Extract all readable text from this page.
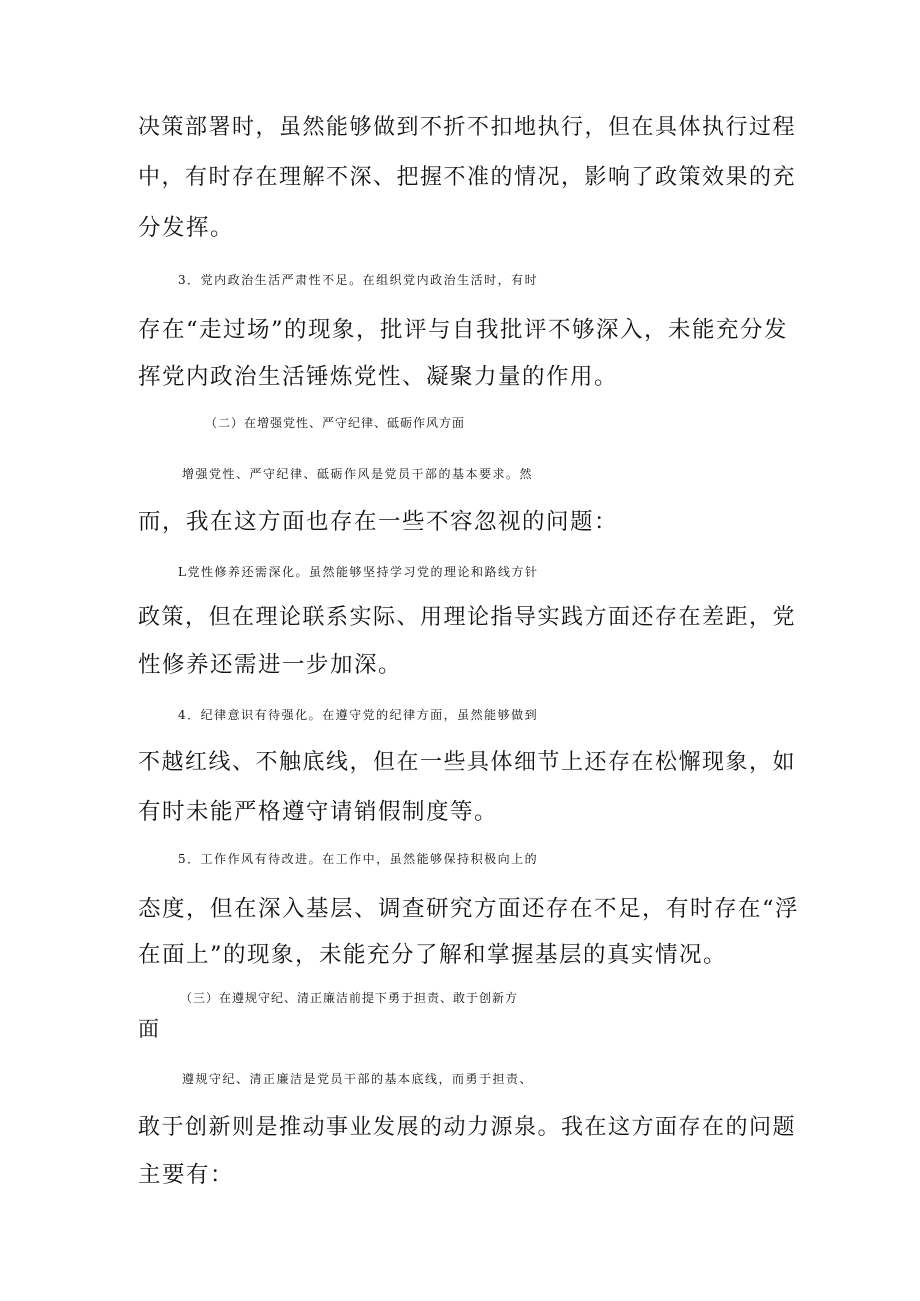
决策部署时，虽然能够做到不折不扣地执行，但在具体执行过程
中，有时存在理解不深、把握不准的情况，影响了政策效果的充
分发挥。
3．党内政治生活严肃性不足。在组织党内政治生活时，有时
存在“走过场”的现象，批评与自我批评不够深入，未能充分发
挥党内政治生活锤炼党性、凝聚力量的作用。
（二）在增强党性、严守纪律、砥砺作风方面
增强党性、严守纪律、砥砺作风是党员干部的基本要求。然
而，我在这方面也存在一些不容忽视的问题：
L党性修养还需深化。虽然能够坚持学习党的理论和路线方针
政策，但在理论联系实际、用理论指导实践方面还存在差距，党
性修养还需进一步加深。
4．纪律意识有待强化。在遵守党的纪律方面，虽然能够做到
不越红线、不触底线，但在一些具体细节上还存在松懈现象，如
有时未能严格遵守请销假制度等。
5．工作作风有待改进。在工作中，虽然能够保持积极向上的
态度，但在深入基层、调查研究方面还存在不足，有时存在“浮
在面上”的现象，未能充分了解和掌握基层的真实情况。
（三）在遵规守纪、清正廉洁前提下勇于担责、敢于创新方
面
遵规守纪、清正廉洁是党员干部的基本底线，而勇于担责、
敢于创新则是推动事业发展的动力源泉。我在这方面存在的问题
主要有：
